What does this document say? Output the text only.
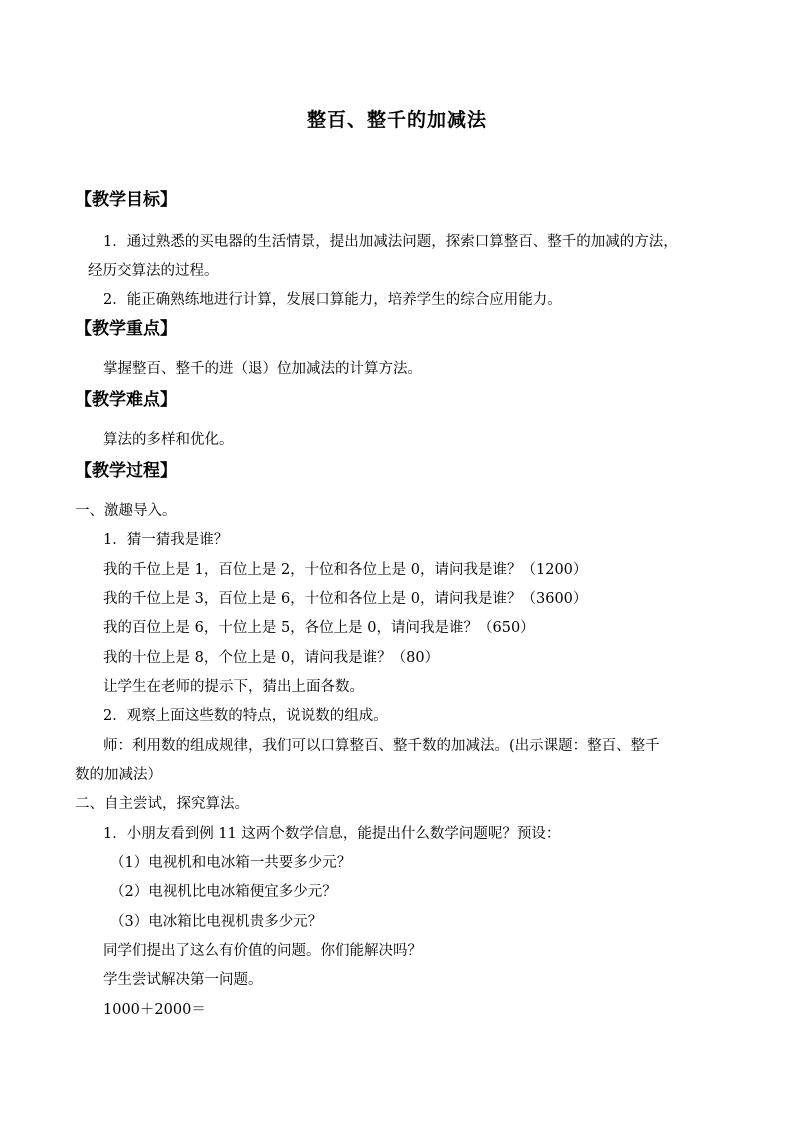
整百、整千的加减法
【教学目标】
1．通过熟悉的买电器的生活情景，提出加减法问题，探索口算整百、整千的加减的方法，
经历交算法的过程。
2．能正确熟练地进行计算，发展口算能力，培养学生的综合应用能力。
【教学重点】
掌握整百、整千的进（退）位加减法的计算方法。
【教学难点】
算法的多样和优化。
【教学过程】
一、激趣导入。
1．猜一猜我是谁？
我的千位上是 1，百位上是 2，十位和各位上是 0，请问我是谁？（1200）
我的千位上是 3，百位上是 6，十位和各位上是 0，请问我是谁？（3600）
我的百位上是 6，十位上是 5，各位上是 0，请问我是谁？（650）
我的十位上是 8，个位上是 0，请问我是谁？（80）
让学生在老师的提示下，猜出上面各数。
2．观察上面这些数的特点，说说数的组成。
师：利用数的组成规律，我们可以口算整百、整千数的加减法。(出示课题：整百、整千
数的加减法）
二、自主尝试，探究算法。
1．小朋友看到例 11 这两个数学信息，能提出什么数学问题呢？预设：
（1）电视机和电冰箱一共要多少元？
（2）电视机比电冰箱便宜多少元？
（3）电冰箱比电视机贵多少元？
同学们提出了这么有价值的问题。你们能解决吗？
学生尝试解决第一问题。
1000＋2000＝
